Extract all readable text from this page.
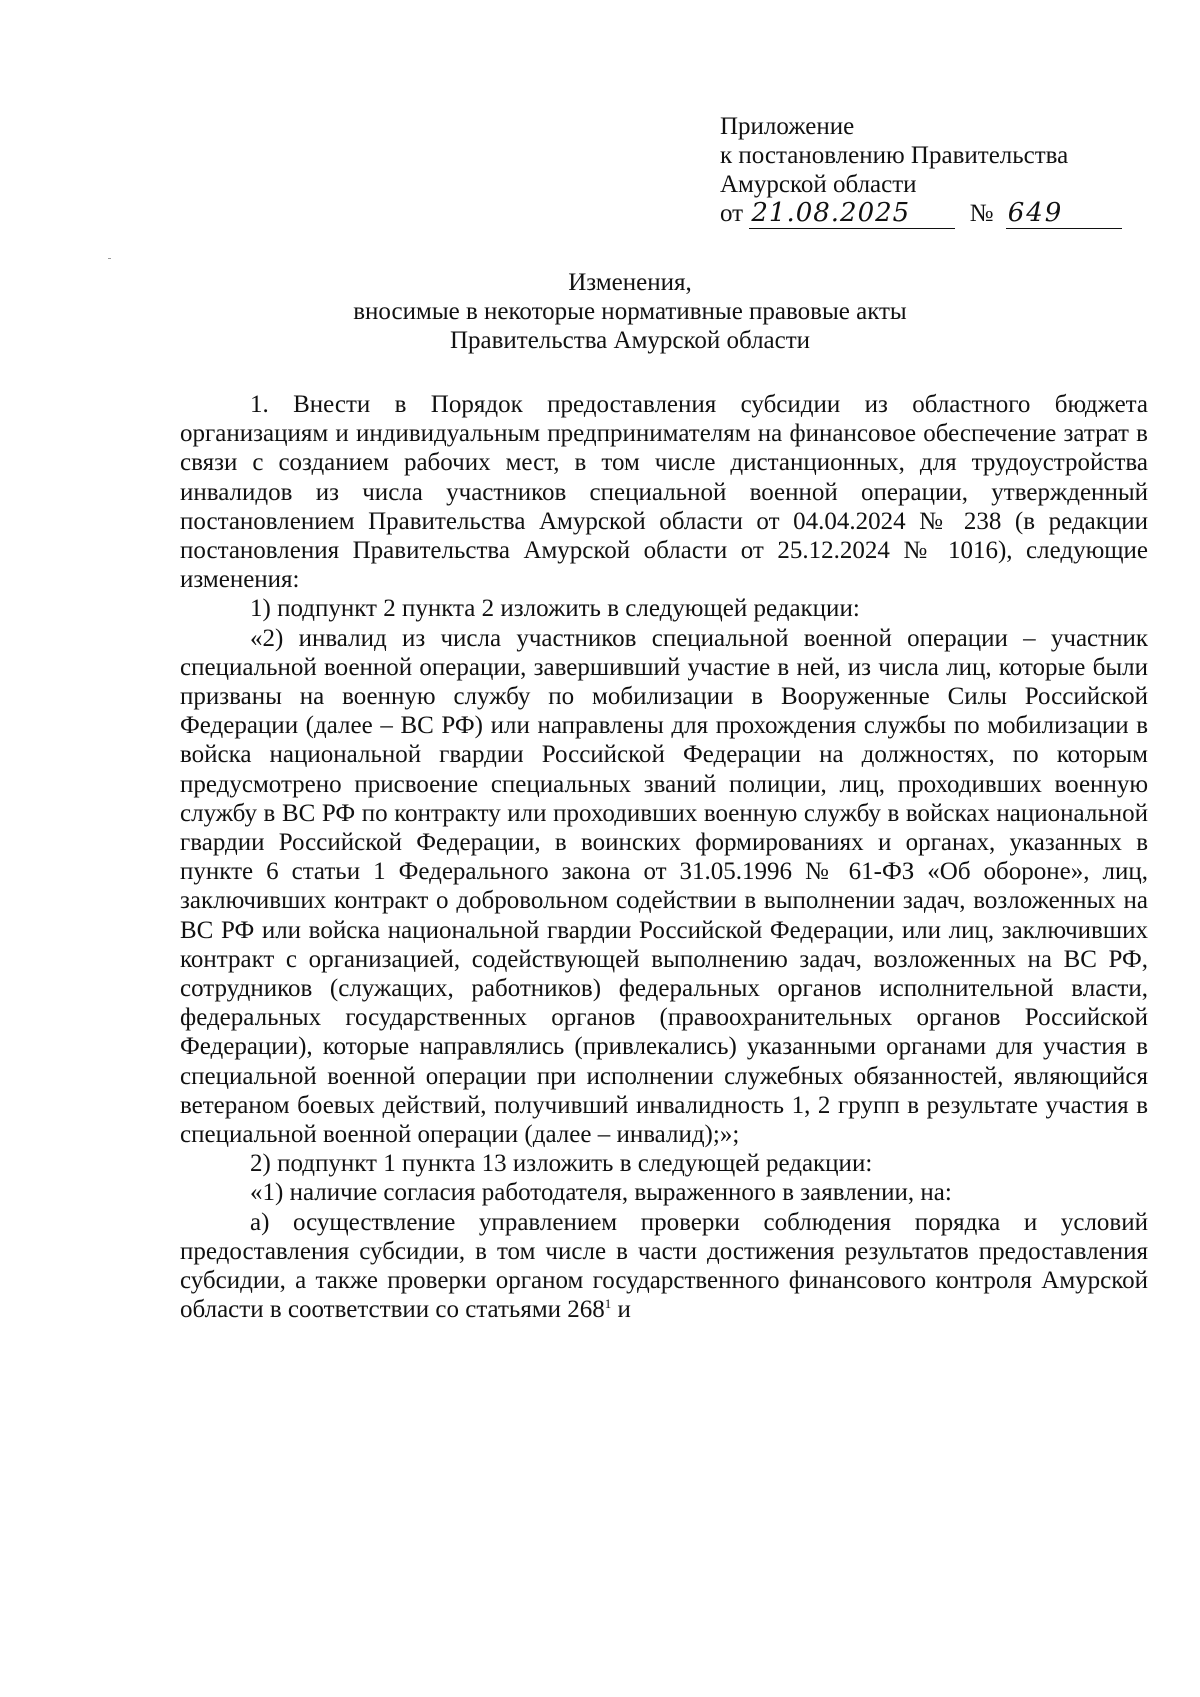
Приложение
к постановлению Правительства
Амурской области
от 21.08.2025 № 649
Изменения,
вносимые в некоторые нормативные правовые акты
Правительства Амурской области

1. Внести в Порядок предоставления субсидии из областного бюджета организациям и индивидуальным предпринимателям на финансовое обеспечение затрат в связи с созданием рабочих мест, в том числе дистанционных, для трудоустройства инвалидов из числа участников специальной военной операции, утвержденный постановлением Правительства Амурской области от 04.04.2024 № 238 (в редакции постановления Правительства Амурской области от 25.12.2024 № 1016), следующие изменения:

1) подпункт 2 пункта 2 изложить в следующей редакции:

«2) инвалид из числа участников специальной военной операции – участник специальной военной операции, завершивший участие в ней, из числа лиц, которые были призваны на военную службу по мобилизации в Вооруженные Силы Российской Федерации (далее – ВС РФ) или направлены для прохождения службы по мобилизации в войска национальной гвардии Российской Федерации на должностях, по которым предусмотрено присвоение специальных званий полиции, лиц, проходивших военную службу в ВС РФ по контракту или проходивших военную службу в войсках национальной гвардии Российской Федерации, в воинских формированиях и органах, указанных в пункте 6 статьи 1 Федерального закона от 31.05.1996 № 61-ФЗ «Об обороне», лиц, заключивших контракт о добровольном содействии в выполнении задач, возложенных на ВС РФ или войска национальной гвардии Российской Федерации, или лиц, заключивших контракт с организацией, содействующей выполнению задач, возложенных на ВС РФ, сотрудников (служащих, работников) федеральных органов исполнительной власти, федеральных государственных органов (правоохранительных органов Российской Федерации), которые направлялись (привлекались) указанными органами для участия в специальной военной операции при исполнении служебных обязанностей, являющийся ветераном боевых действий, получивший инвалидность 1, 2 групп в результате участия в специальной военной операции (далее – инвалид);»;

2) подпункт 1 пункта 13 изложить в следующей редакции:

«1) наличие согласия работодателя, выраженного в заявлении, на:

а) осуществление управлением проверки соблюдения порядка и условий предоставления субсидии, в том числе в части достижения результатов предоставления субсидии, а также проверки органом государственного финансового контроля Амурской области в соответствии со статьями $268^1$ и
